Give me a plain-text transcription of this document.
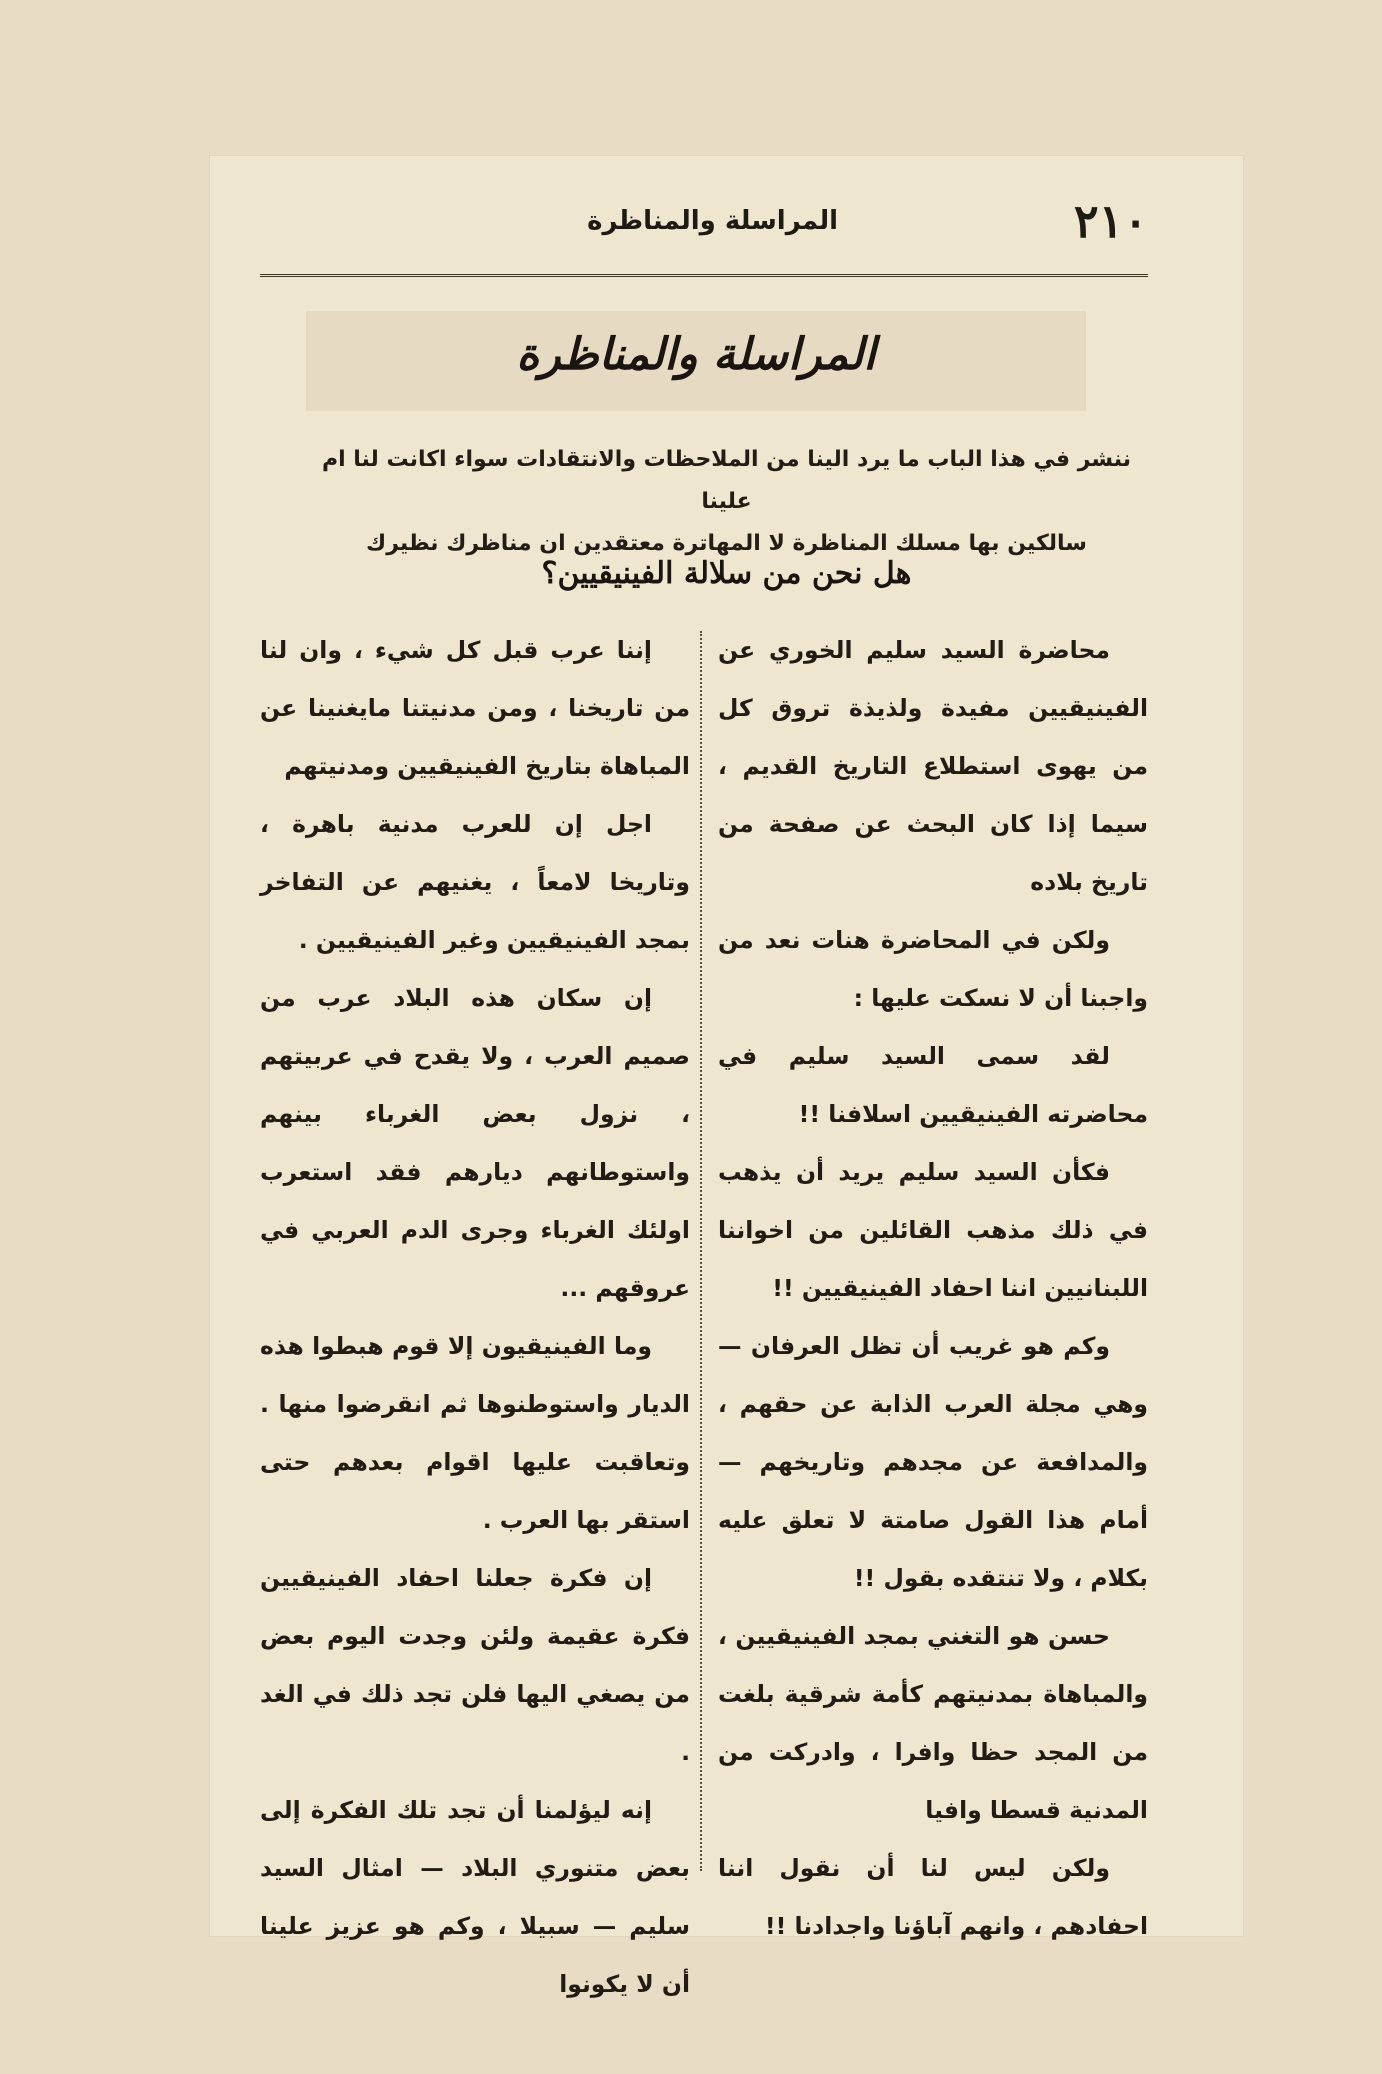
٢١٠
المراسلة والمناظرة
المراسلة والمناظرة

ننشر في هذا الباب ما يرد الينا من الملاحظات والانتقادات سواء اكانت لنا ام علينا

سالكين بها مسلك المناظرة لا المهاترة معتقدين ان مناظرك نظيرك

هل نحن من سلالة الفينيقيين؟

محاضرة السيد سليم الخوري عن الفينيقيين مفيدة ولذيذة تروق كل من يهوى استطلاع التاريخ القديم ، سيما إذا كان البحث عن صفحة من تاريخ بلاده

ولكن في المحاضرة هنات نعد من واجبنا أن لا نسكت عليها :

لقد سمى السيد سليم في محاضرته الفينيقيين اسلافنا !!

فكأن السيد سليم يريد أن يذهب في ذلك مذهب القائلين من اخواننا اللبنانيين اننا احفاد الفينيقيين !!

وكم هو غريب أن تظل العرفان — وهي مجلة العرب الذابة عن حقهم ، والمدافعة عن مجدهم وتاريخهم — أمام هذا القول صامتة لا تعلق عليه بكلام ، ولا تنتقده بقول !!

حسن هو التغني بمجد الفينيقيين ، والمباهاة بمدنيتهم كأمة شرقية بلغت من المجد حظا وافرا ، وادركت من المدنية قسطا وافيا

ولكن ليس لنا أن نقول اننا احفادهم ، وانهم آباؤنا واجدادنا !!

إننا عرب قبل كل شيء ، وان لنا من تاريخنا ، ومن مدنيتنا مايغنينا عن المباهاة بتاريخ الفينيقيين ومدنيتهم

اجل إن للعرب مدنية باهرة ، وتاريخا لامعاً ، يغنيهم عن التفاخر بمجد الفينيقيين وغير الفينيقيين .

إن سكان هذه البلاد عرب من صميم العرب ، ولا يقدح في عربيتهم ، نزول بعض الغرباء بينهم واستوطانهم ديارهم فقد استعرب اولئك الغرباء وجرى الدم العربي في عروقهم ...

وما الفينيقيون إلا قوم هبطوا هذه الديار واستوطنوها ثم انقرضوا منها . وتعاقبت عليها اقوام بعدهم حتى استقر بها العرب .

إن فكرة جعلنا احفاد الفينيقيين فكرة عقيمة ولئن وجدت اليوم بعض من يصغي اليها فلن تجد ذلك في الغد .

إنه ليؤلمنا أن تجد تلك الفكرة إلى بعض متنوري البلاد — امثال السيد سليم — سبيلا ، وكم هو عزيز علينا أن لا يكونوا
